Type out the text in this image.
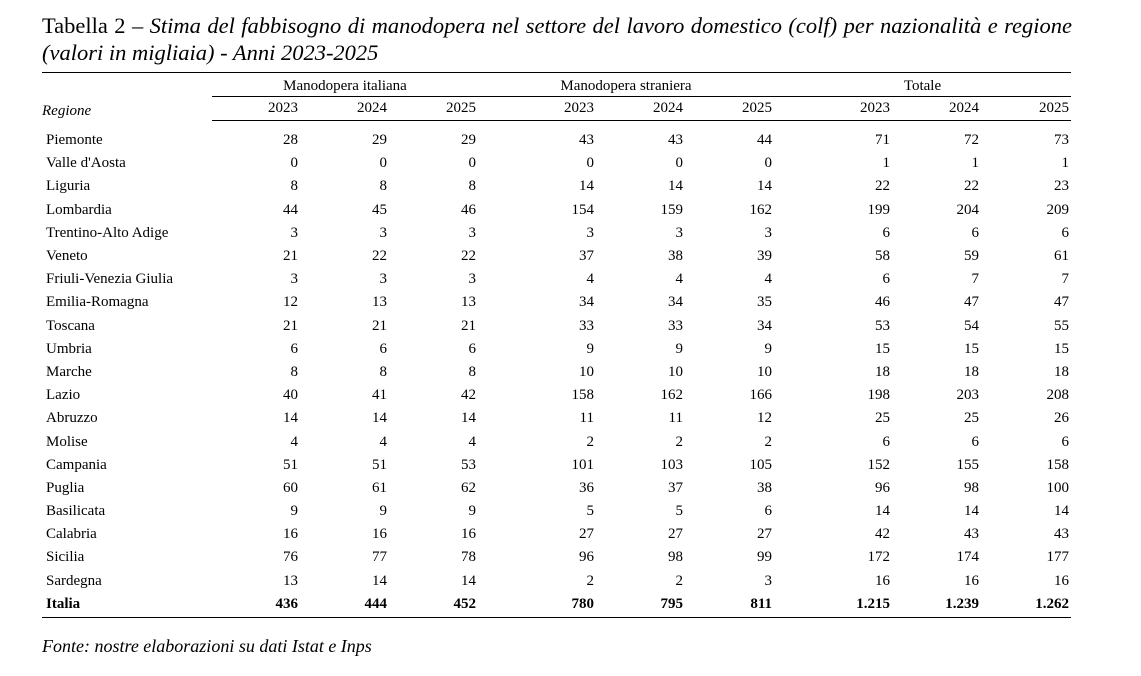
Tabella 2 – Stima del fabbisogno di manodopera nel settore del lavoro domestico (colf) per nazionalità e regione (valori in migliaia) - Anni 2023-2025
Regione	Manodopera italiana			Manodopera straniera			Totale		
	2023	2024	2025	2023	2024	2025	2023	2024	2025

Piemonte	28	29	29	43	43	44	71	72	73
Valle d'Aosta	0	0	0	0	0	0	1	1	1
Liguria	8	8	8	14	14	14	22	22	23
Lombardia	44	45	46	154	159	162	199	204	209
Trentino-Alto Adige	3	3	3	3	3	3	6	6	6
Veneto	21	22	22	37	38	39	58	59	61
Friuli-Venezia Giulia	3	3	3	4	4	4	6	7	7
Emilia-Romagna	12	13	13	34	34	35	46	47	47
Toscana	21	21	21	33	33	34	53	54	55
Umbria	6	6	6	9	9	9	15	15	15
Marche	8	8	8	10	10	10	18	18	18
Lazio	40	41	42	158	162	166	198	203	208
Abruzzo	14	14	14	11	11	12	25	25	26
Molise	4	4	4	2	2	2	6	6	6
Campania	51	51	53	101	103	105	152	155	158
Puglia	60	61	62	36	37	38	96	98	100
Basilicata	9	9	9	5	5	6	14	14	14
Calabria	16	16	16	27	27	27	42	43	43
Sicilia	76	77	78	96	98	99	172	174	177
Sardegna	13	14	14	2	2	3	16	16	16
Italia	436	444	452	780	795	811	1.215	1.239	1.262
Fonte: nostre elaborazioni su dati Istat e Inps
